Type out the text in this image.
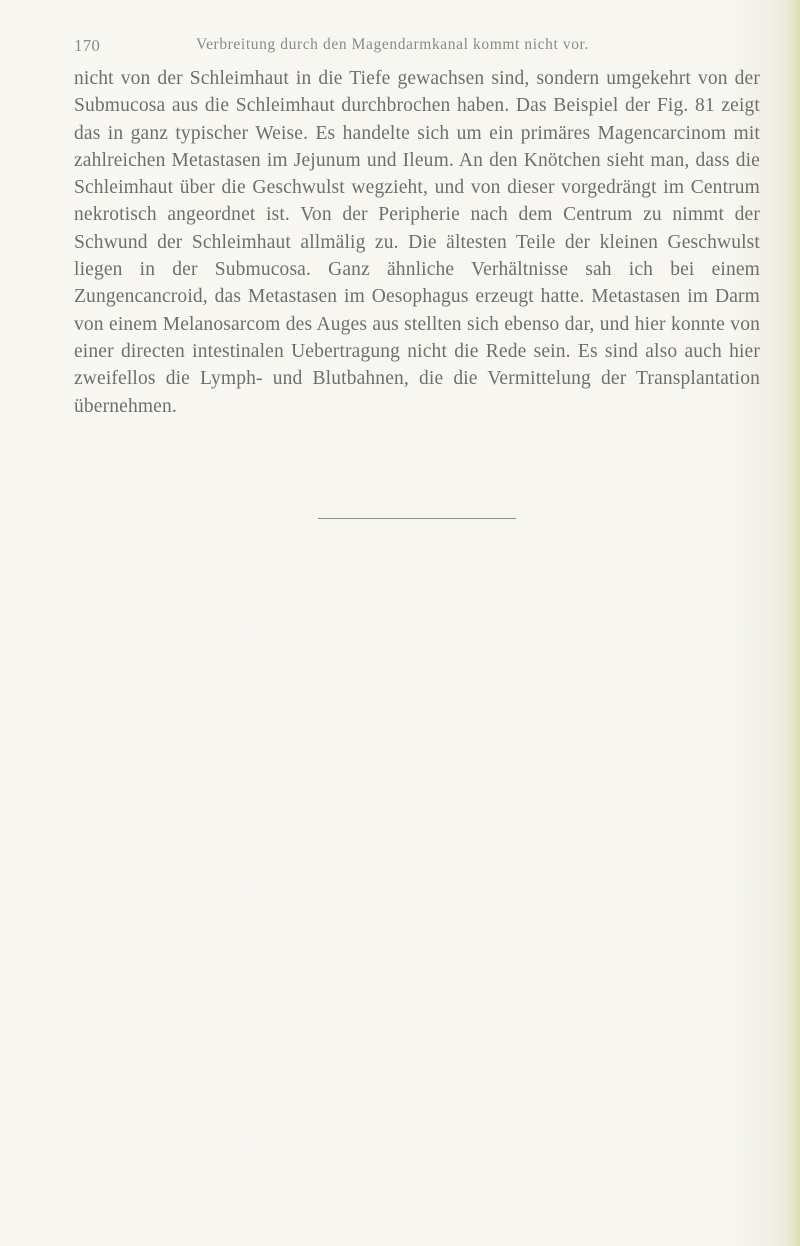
170	Verbreitung durch den Magendarmkanal kommt nicht vor.

nicht von der Schleimhaut in die Tiefe gewachsen sind, sondern umgekehrt von der Submucosa aus die Schleimhaut durchbrochen haben. Das Beispiel der Fig. 81 zeigt das in ganz typischer Weise. Es handelte sich um ein primäres Magencarcinom mit zahlreichen Metastasen im Jejunum und Ileum. An den Knötchen sieht man, dass die Schleimhaut über die Geschwulst wegzieht, und von dieser vorgedrängt im Centrum nekrotisch angeordnet ist. Von der Peripherie nach dem Centrum zu nimmt der Schwund der Schleimhaut allmälig zu. Die ältesten Teile der kleinen Geschwulst liegen in der Submucosa. Ganz ähnliche Verhältnisse sah ich bei einem Zungencancroid, das Metastasen im Oesophagus erzeugt hatte. Metastasen im Darm von einem Melanosarcom des Auges aus stellten sich ebenso dar, und hier konnte von einer directen intestinalen Uebertragung nicht die Rede sein. Es sind also auch hier zweifellos die Lymph- und Blutbahnen, die die Vermittelung der Transplantation übernehmen.
